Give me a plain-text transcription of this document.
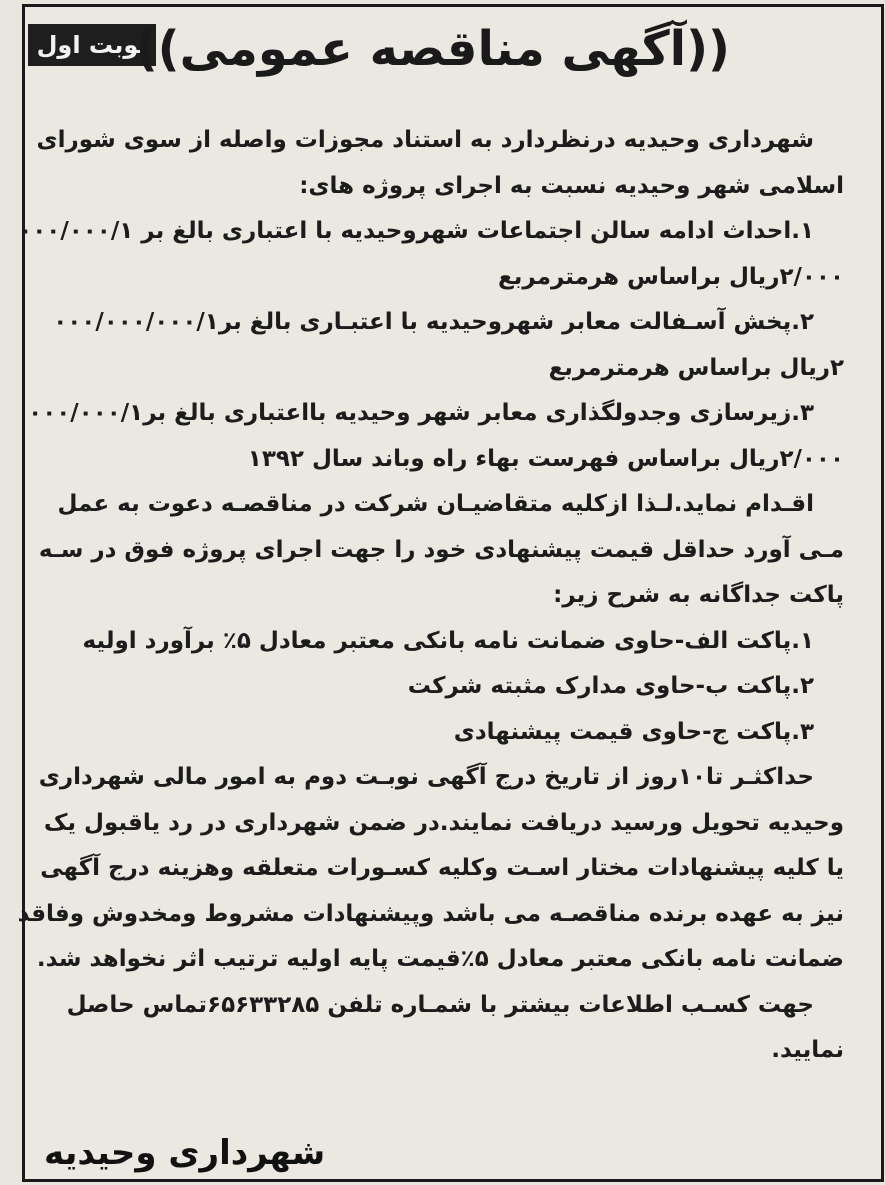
نوبت اول
((آگهی مناقصه عمومی))
شهرداری وحیدیه درنظردارد به استناد مجوزات واصله از سوی شورای
اسلامی شهر وحیدیه نسبت به اجرای پروژه های:
۱.احداث ادامه سالن اجتماعات شهروحیدیه با اعتباری بالغ بر ۰۰۰/۰۰۰/۱
۲/۰۰۰ریال براساس هرمترمربع
۲.پخش آسـفالت معابر شهروحیدیه با اعتبـاری بالغ بر۰۰۰/۰۰۰/۰۰۰/۱
۲ریال براساس هرمترمربع
۳.زیرسازی وجدولگذاری معابر شهر وحیدیه بااعتباری بالغ بر۰۰۰/۰۰۰/۱
۲/۰۰۰ریال براساس فهرست بهاء راه وباند سال ۱۳۹۲
اقـدام نماید.لـذا ازکلیه متقاضیـان شرکت در مناقصـه دعوت به عمل
مـی آورد حداقل قیمت پیشنهادی خود را جهت اجرای پروژه فوق در سـه
پاکت جداگانه به شرح زیر:
۱.پاکت الف-حاوی ضمانت نامه بانکی معتبر معادل ۵٪ برآورد اولیه
۲.پاکت ب-حاوی مدارک مثبته شرکت
۳.پاکت ج-حاوی قیمت پیشنهادی
حداکثـر تا۱۰روز از تاریخ درج آگهی نوبـت دوم به امور مالی شهرداری
وحیدیه تحویل ورسید دریافت نمایند.در ضمن شهرداری در رد یاقبول یک
یا کلیه پیشنهادات مختار اسـت وکلیه کسـورات متعلقه وهزینه درج آگهی
نیز به عهده برنده مناقصـه می باشد وپیشنهادات مشروط ومخدوش وفاقد
ضمانت نامه بانکی معتبر معادل ۵٪قیمت پایه اولیه ترتیب اثر نخواهد شد.
جهت کسـب اطلاعات بیشتر با شمـاره تلفن ۶۵۶۳۳۲۸۵تماس حاصل
نمایید.
شهرداری وحیدیه
